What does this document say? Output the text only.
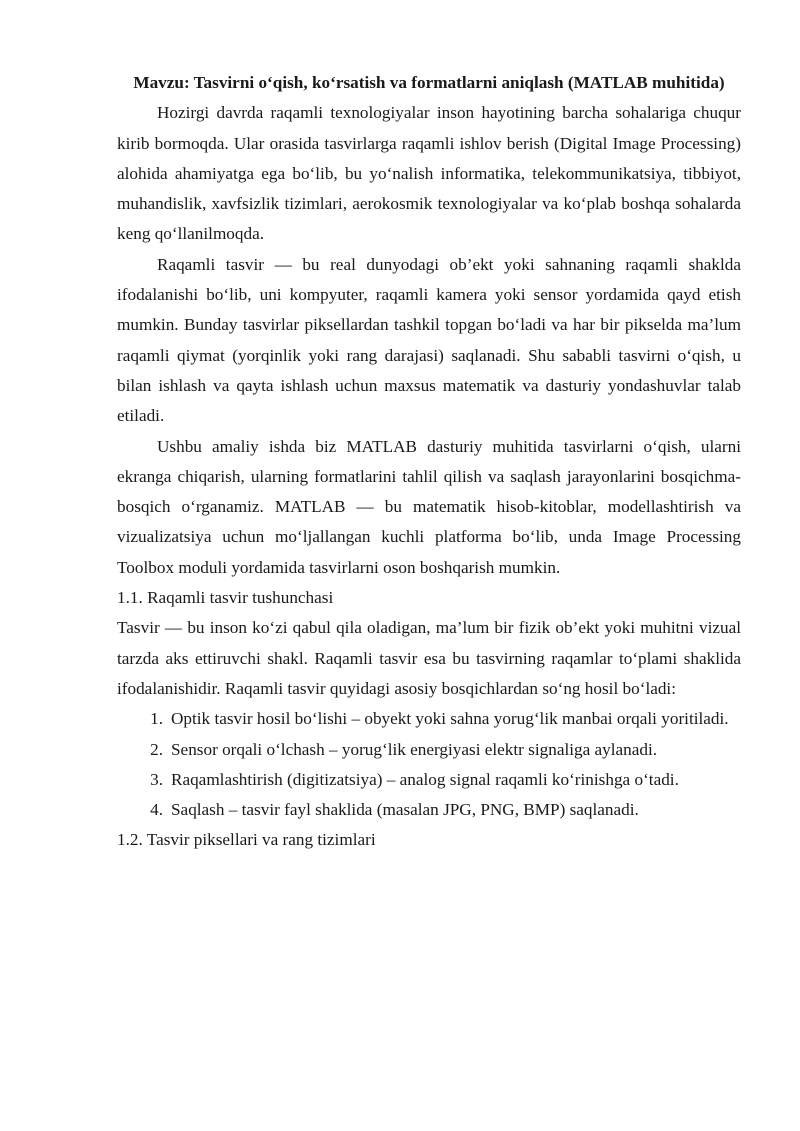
Mavzu: Tasvirni o‘qish, ko‘rsatish va formatlarni aniqlash (MATLAB muhitida)

Hozirgi davrda raqamli texnologiyalar inson hayotining barcha sohalariga chuqur kirib bormoqda. Ular orasida tasvirlarga raqamli ishlov berish (Digital Image Processing) alohida ahamiyatga ega bo‘lib, bu yo‘nalish informatika, telekommunikatsiya, tibbiyot, muhandislik, xavfsizlik tizimlari, aerokosmik texnologiyalar va ko‘plab boshqa sohalarda keng qo‘llanilmoqda.

Raqamli tasvir — bu real dunyodagi ob’ekt yoki sahnaning raqamli shaklda ifodalanishi bo‘lib, uni kompyuter, raqamli kamera yoki sensor yordamida qayd etish mumkin. Bunday tasvirlar piksellardan tashkil topgan bo‘ladi va har bir pikselda ma’lum raqamli qiymat (yorqinlik yoki rang darajasi) saqlanadi. Shu sababli tasvirni o‘qish, u bilan ishlash va qayta ishlash uchun maxsus matematik va dasturiy yondashuvlar talab etiladi.

Ushbu amaliy ishda biz MATLAB dasturiy muhitida tasvirlarni o‘qish, ularni ekranga chiqarish, ularning formatlarini tahlil qilish va saqlash jarayonlarini bosqichma-bosqich o‘rganamiz. MATLAB — bu matematik hisob-kitoblar, modellashtirish va vizualizatsiya uchun mo‘ljallangan kuchli platforma bo‘lib, unda Image Processing Toolbox moduli yordamida tasvirlarni oson boshqarish mumkin.

1.1. Raqamli tasvir tushunchasi

Tasvir — bu inson ko‘zi qabul qila oladigan, ma’lum bir fizik ob’ekt yoki muhitni vizual tarzda aks ettiruvchi shakl. Raqamli tasvir esa bu tasvirning raqamlar to‘plami shaklida ifodalanishidir. Raqamli tasvir quyidagi asosiy bosqichlardan so‘ng hosil bo‘ladi:

1. Optik tasvir hosil bo‘lishi – obyekt yoki sahna yorug‘lik manbai orqali yoritiladi.
2. Sensor orqali o‘lchash – yorug‘lik energiyasi elektr signaliga aylanadi.
3. Raqamlashtirish (digitizatsiya) – analog signal raqamli ko‘rinishga o‘tadi.
4. Saqlash – tasvir fayl shaklida (masalan JPG, PNG, BMP) saqlanadi.

1.2. Tasvir piksellari va rang tizimlari
